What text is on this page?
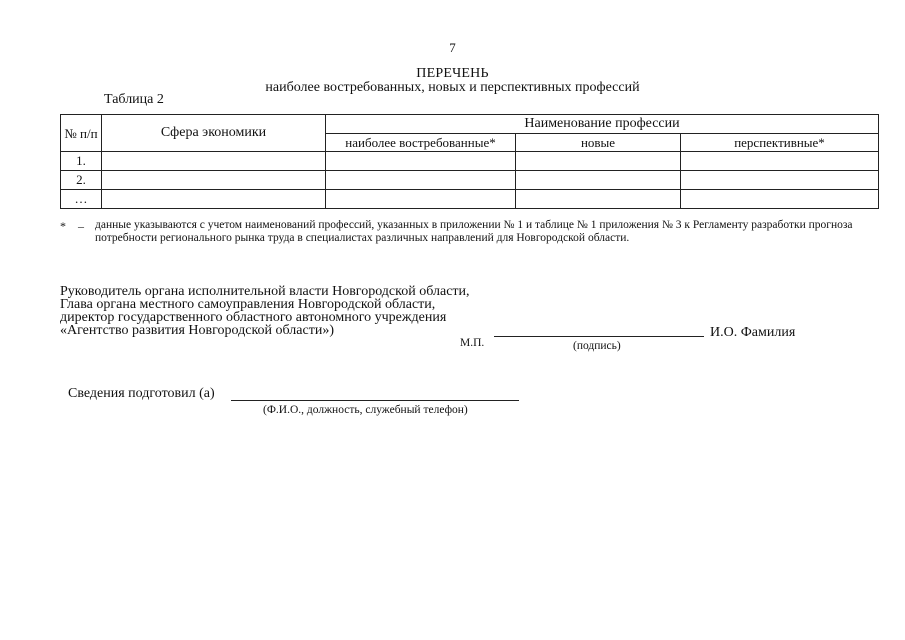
7
ПЕРЕЧЕНЬ
наиболее востребованных, новых и перспективных профессий
Таблица 2
№ п/п	Сфера экономики	Наименование профессии		
		наиболее востребованные*	новые	перспективные*
1.				
2.				
…				
* – данные указываются с учетом наименований профессий, указанных в приложении № 1 и таблице № 1 приложения № 3 к Регламенту разработки прогноза потребности регионального рынка труда в специалистах различных направлений для Новгородской области.
Руководитель органа исполнительной власти Новгородской области, Глава органа местного самоуправления Новгородской области, директор государственного областного автономного учреждения «Агентство развития Новгородской области»)
М.П.	(подпись)
И.О. Фамилия
Сведения подготовил (а)
(Ф.И.О., должность, служебный телефон)
